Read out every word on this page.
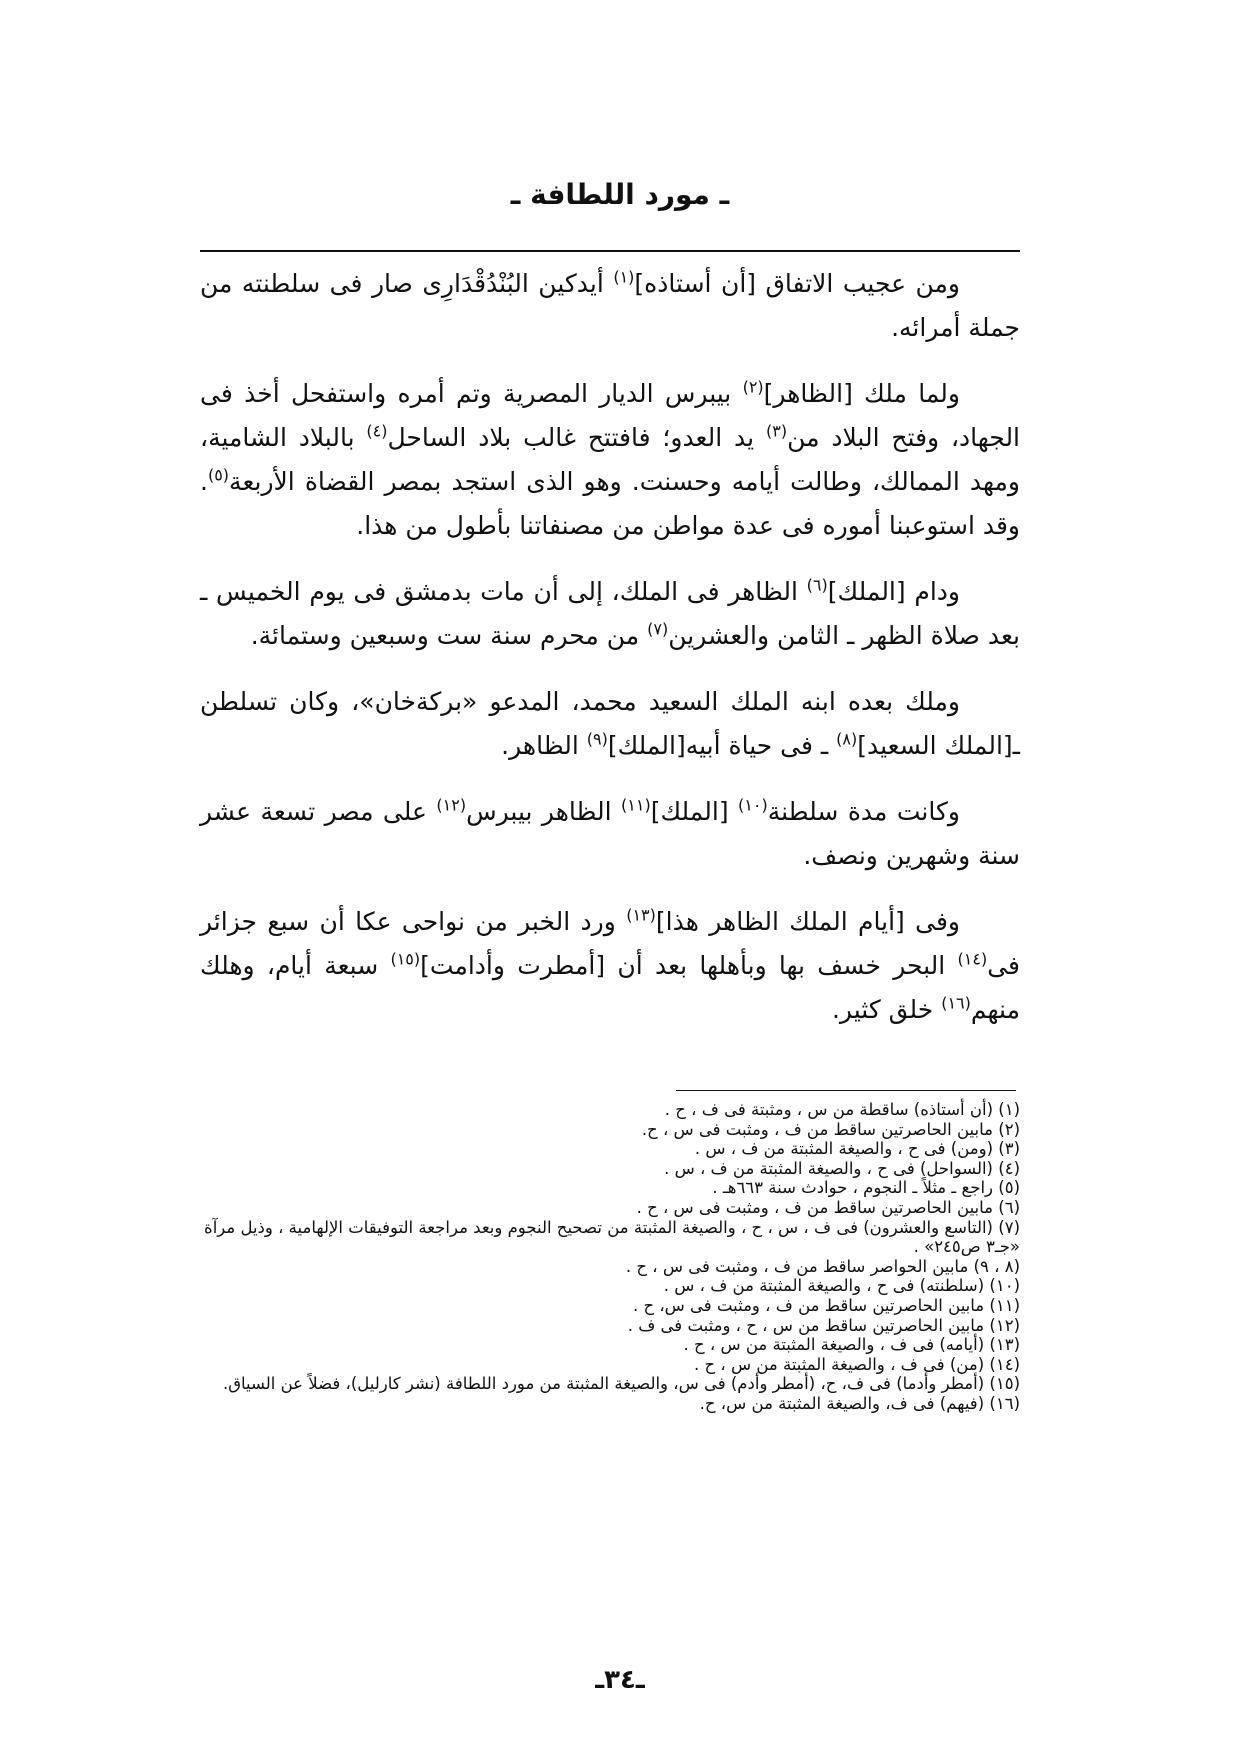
ـ مورد اللطافة ـ

ومن عجيب الاتفاق [أن أستاذه]$^{(١)}$ أيدكين البُنْدُقْدَارِى صار فى سلطنته من جملة أمرائه.

ولما ملك [الظاهر]$^{(٢)}$ بيبرس الديار المصرية وتم أمره واستفحل أخذ فى الجهاد، وفتح البلاد من$^{(٣)}$ يد العدو؛ فافتتح غالب بلاد الساحل$^{(٤)}$ بالبلاد الشامية، ومهد الممالك، وطالت أيامه وحسنت. وهو الذى استجد بمصر القضاة الأربعة$^{(٥)}$. وقد استوعبنا أموره فى عدة مواطن من مصنفاتنا بأطول من هذا.

ودام [الملك]$^{(٦)}$ الظاهر فى الملك، إلى أن مات بدمشق فى يوم الخميس ـ بعد صلاة الظهر ـ الثامن والعشرين$^{(٧)}$ من محرم سنة ست وسبعين وستمائة.

وملك بعده ابنه الملك السعيد محمد، المدعو «بركةخان»، وكان تسلطن ـ[الملك السعيد]$^{(٨)}$ ـ فى حياة أبيه[الملك]$^{(٩)}$ الظاهر.

وكانت مدة سلطنة$^{(١٠)}$ [الملك]$^{(١١)}$ الظاهر بيبرس$^{(١٢)}$ على مصر تسعة عشر سنة وشهرين ونصف.

وفى [أيام الملك الظاهر هذا]$^{(١٣)}$ ورد الخبر من نواحى عكا أن سبع جزائر فى$^{(١٤)}$ البحر خسف بها وبأهلها بعد أن [أمطرت وأدامت]$^{(١٥)}$ سبعة أيام، وهلك منهم$^{(١٦)}$ خلق كثير.

(١) (أن أستاذه) ساقطة من س ، ومثبتة فى ف ، ح .
(٢) مابين الحاصرتين ساقط من ف ، ومثبت فى س ، ح.
(٣) (ومن) فى ح ، والصيغة المثبتة من ف ، س .
(٤) (السواحل) فى ح ، والصيغة المثبتة من ف ، س .
(٥) راجع ـ مثلاً ـ النجوم ، حوادث سنة ٦٦٣هـ .
(٦) مابين الحاصرتين ساقط من ف ، ومثبت فى س ، ح .
(٧) (التاسع والعشرون) فى ف ، س ، ح ، والصيغة المثبتة من تصحيح النجوم وبعد مراجعة التوفيقات الإلهامية ، وذيل مرآة «جـ٣ ص٢٤٥» .
(٨ ، ٩) مابين الحواصر ساقط من ف ، ومثبت فى س ، ح .
(١٠) (سلطنته) فى ح ، والصيغة المثبتة من ف ، س .
(١١) مابين الحاصرتين ساقط من ف ، ومثبت فى س، ح .
(١٢) مابين الحاصرتين ساقط من س ، ح ، ومثبت فى ف .
(١٣) (أيامه) فى ف ، والصيغة المثبتة من س ، ح .
(١٤) (من) فى ف ، والصيغة المثبتة من س ، ح .
(١٥) (أمطر وأدما) فى ف، ح، (أمطر وأدم) فى س، والصيغة المثبتة من مورد اللطافة (نشر كارليل)، فضلاً عن السياق.
(١٦) (فيهم) فى ف، والصيغة المثبتة من س، ح.
ـ٣٤ـ
